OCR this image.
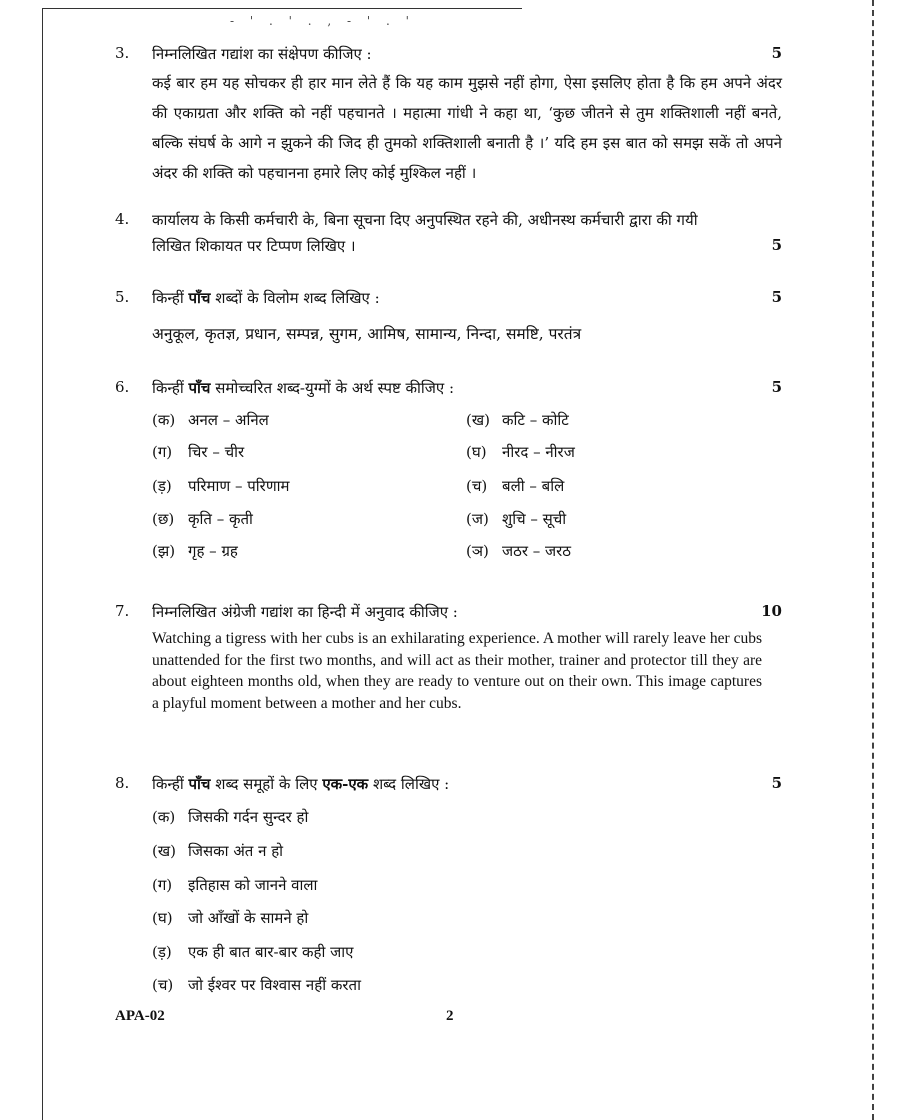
- ' . ' . , - ' . '
3. निम्नलिखित गद्यांश का संक्षेपण कीजिए :	5
कई बार हम यह सोचकर ही हार मान लेते हैं कि यह काम मुझसे नहीं होगा, ऐसा इसलिए होता है कि हम अपने अंदर की एकाग्रता और शक्ति को नहीं पहचानते । महात्मा गांधी ने कहा था, ‘कुछ जीतने से तुम शक्तिशाली नहीं बनते, बल्कि संघर्ष के आगे न झुकने की जिद ही तुमको शक्तिशाली बनाती है ।’ यदि हम इस बात को समझ सकें तो अपने अंदर की शक्ति को पहचानना हमारे लिए कोई मुश्किल नहीं ।
4. कार्यालय के किसी कर्मचारी के, बिना सूचना दिए अनुपस्थित रहने की, अधीनस्थ कर्मचारी द्वारा की गयी
लिखित शिकायत पर टिप्पण लिखिए ।	5
5. किन्हीं पाँच शब्दों के विलोम शब्द लिखिए :	5
अनुकूल, कृतज्ञ, प्रधान, सम्पन्न, सुगम, आमिष, सामान्य, निन्दा, समष्टि, परतंत्र
6. किन्हीं पाँच समोच्चरित शब्द-युग्मों के अर्थ स्पष्ट कीजिए :	5
(क) अनल – अनिल	(ख) कटि – कोटि
(ग) चिर – चीर	(घ) नीरद – नीरज
(ड़) परिमाण – परिणाम	(च) बली – बलि
(छ) कृति – कृती	(ज) शुचि – सूची
(झ) गृह – ग्रह	(ञ) जठर – जरठ
7. निम्नलिखित अंग्रेजी गद्यांश का हिन्दी में अनुवाद कीजिए :	10
Watching a tigress with her cubs is an exhilarating experience. A mother will rarely leave her cubs unattended for the first two months, and will act as their mother, trainer and protector till they are about eighteen months old, when they are ready to venture out on their own. This image captures a playful moment between a mother and her cubs.
8. किन्हीं पाँच शब्द समूहों के लिए एक-एक शब्द लिखिए :	5
(क) जिसकी गर्दन सुन्दर हो
(ख) जिसका अंत न हो
(ग) इतिहास को जानने वाला
(घ) जो आँखों के सामने हो
(ड़) एक ही बात बार-बार कही जाए
(च) जो ईश्वर पर विश्वास नहीं करता
APA-02	2
